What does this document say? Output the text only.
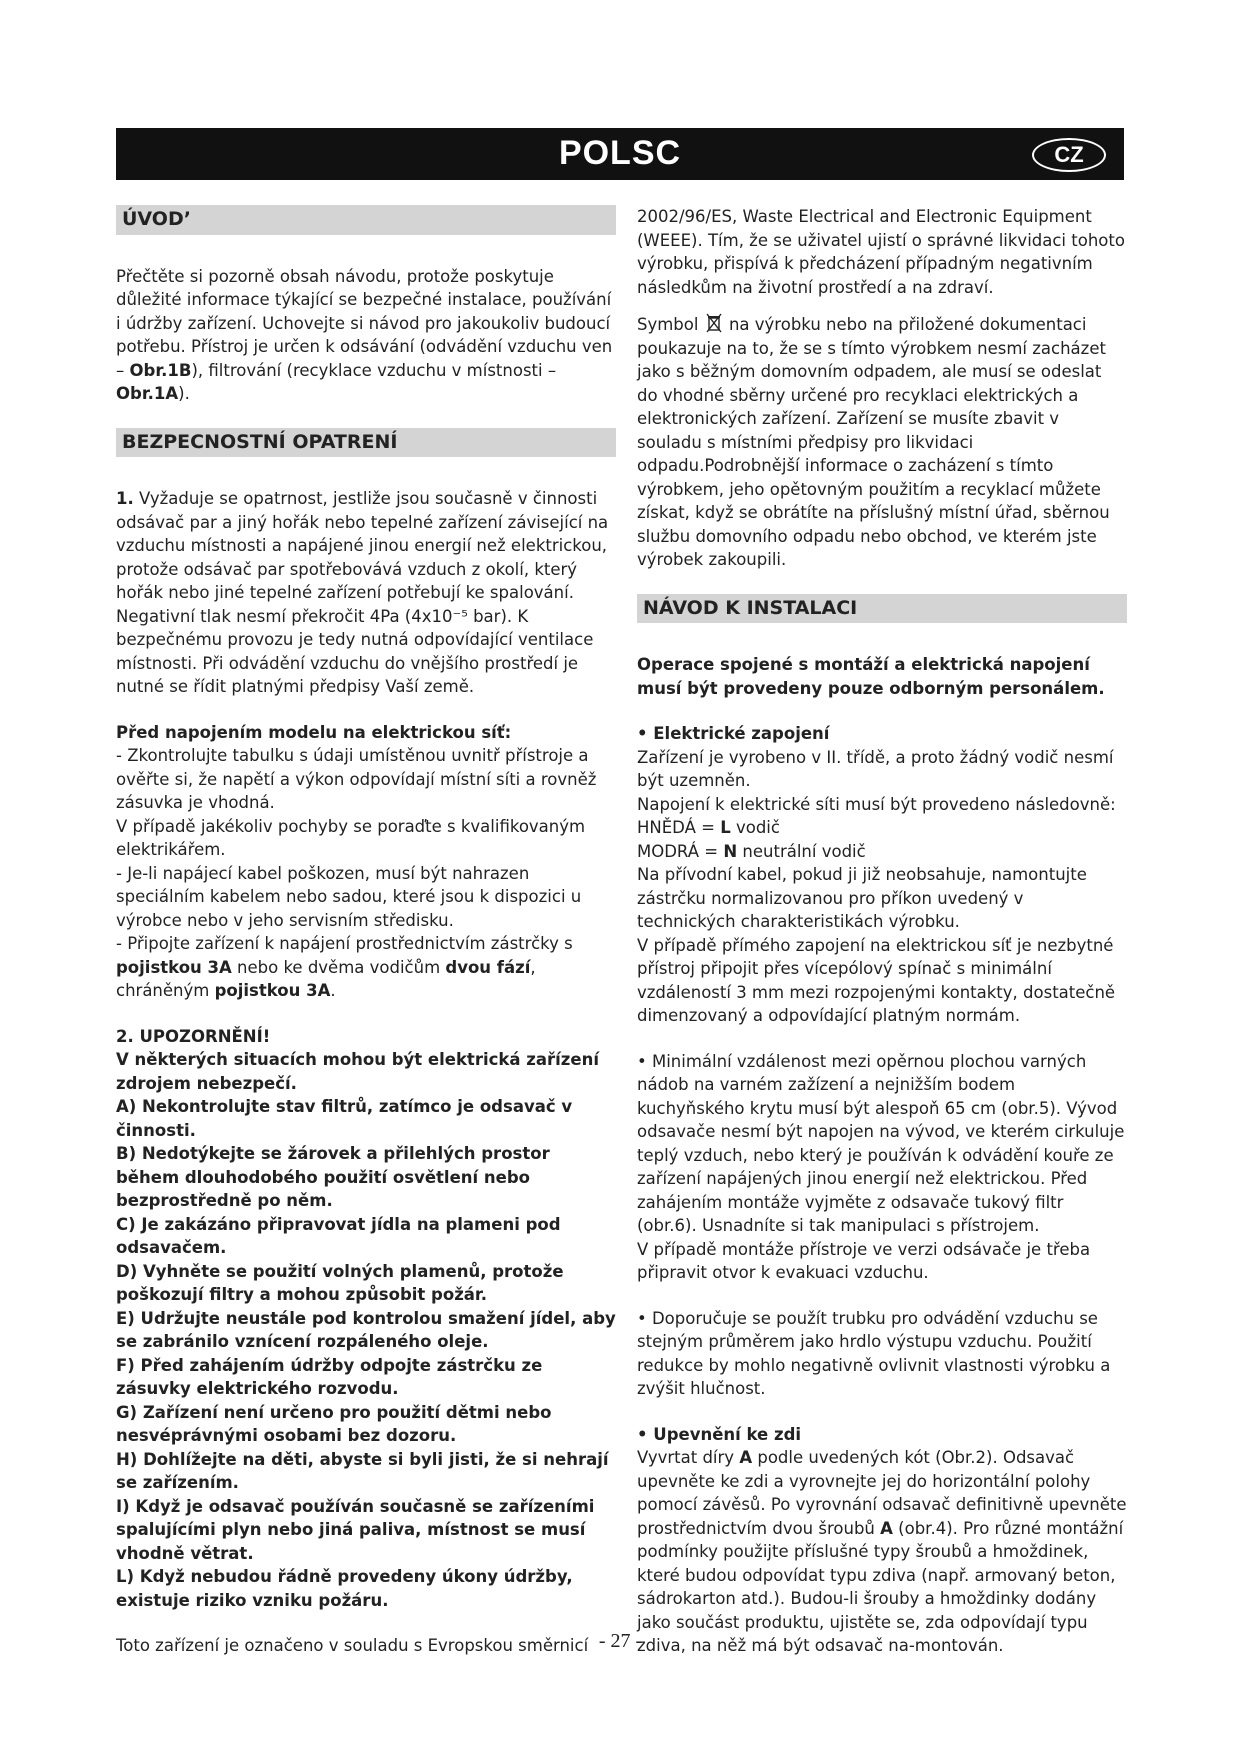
POLSC	CZ
ÚVOD’

Přečtěte si pozorně obsah návodu, protože poskytuje důležité informace týkající se bezpečné instalace, používání i údržby zařízení. Uchovejte si návod pro jakoukoliv budoucí potřebu. Přístroj je určen k odsávání (odvádění vzduchu ven – Obr.1B), filtrování (recyklace vzduchu v místnosti – Obr.1A).

BEZPECNOSTNÍ OPATRENÍ

1. Vyžaduje se opatrnost, jestliže jsou současně v činnosti odsávač par a jiný hořák nebo tepelné zařízení závisející na vzduchu místnosti a napájené jinou energií než elektrickou, protože odsávač par spotřebovává vzduch z okolí, který hořák nebo jiné tepelné zařízení potřebují ke spalování. Negativní tlak nesmí překročit 4Pa (4x10⁻⁵ bar). K bezpečnému provozu je tedy nutná odpovídající ventilace místnosti. Při odvádění vzduchu do vnějšího prostředí je nutné se řídit platnými předpisy Vaší země.

Před napojením modelu na elektrickou síť:

- Zkontrolujte tabulku s údaji umístěnou uvnitř přístroje a ověřte si, že napětí a výkon odpovídají místní síti a rovněž zásuvka je vhodná.

V případě jakékoliv pochyby se poraďte s kvalifikovaným elektrikářem.

- Je-li napájecí kabel poškozen, musí být nahrazen speciálním kabelem nebo sadou, které jsou k dispozici u výrobce nebo v jeho servisním středisku.

- Připojte zařízení k napájení prostřednictvím zástrčky s pojistkou 3A nebo ke dvěma vodičům dvou fází, chráněným pojistkou 3A.

2. UPOZORNĚNÍ!

V některých situacích mohou být elektrická zařízení zdrojem nebezpečí.

A) Nekontrolujte stav filtrů, zatímco je odsavač v činnosti.

B) Nedotýkejte se žárovek a přilehlých prostor během dlouhodobého použití osvětlení nebo bezprostředně po něm.

C) Je zakázáno připravovat jídla na plameni pod odsavačem.

D) Vyhněte se použití volných plamenů, protože poškozují filtry a mohou způsobit požár.

E) Udržujte neustále pod kontrolou smažení jídel, aby se zabránilo vznícení rozpáleného oleje.

F) Před zahájením údržby odpojte zástrčku ze zásuvky elektrického rozvodu.

G) Zařízení není určeno pro použití dětmi nebo nesvéprávnými osobami bez dozoru.

H) Dohlížejte na děti, abyste si byli jisti, že si nehrají se zařízením.

I) Když je odsavač používán současně se zařízeními spalujícími plyn nebo jiná paliva, místnost se musí vhodně větrat.

L) Když nebudou řádně provedeny úkony údržby, existuje riziko vzniku požáru.

Toto zařízení je označeno v souladu s Evropskou směrnicí

2002/96/ES, Waste Electrical and Electronic Equipment (WEEE). Tím, že se uživatel ujistí o správné likvidaci tohoto výrobku, přispívá k předcházení případným negativním následkům na životní prostředí a na zdraví.

Symbol na výrobku nebo na přiložené dokumentaci poukazuje na to, že se s tímto výrobkem nesmí zacházet jako s běžným domovním odpadem, ale musí se odeslat do vhodné sběrny určené pro recyklaci elektrických a elektronických zařízení. Zařízení se musíte zbavit v souladu s místními předpisy pro likvidaci odpadu.Podrobnější informace o zacházení s tímto výrobkem, jeho opětovným použitím a recyklací můžete získat, když se obrátíte na příslušný místní úřad, sběrnou službu domovního odpadu nebo obchod, ve kterém jste výrobek zakoupili.

NÁVOD K INSTALACI

Operace spojené s montáží a elektrická napojení musí být provedeny pouze odborným personálem.

• Elektrické zapojení

Zařízení je vyrobeno v II. třídě, a proto žádný vodič nesmí být uzemněn.

Napojení k elektrické síti musí být provedeno následovně:

HNĚDÁ = L vodič

MODRÁ = N neutrální vodič

Na přívodní kabel, pokud ji již neobsahuje, namontujte zástrčku normalizovanou pro příkon uvedený v technických charakteristikách výrobku.

V případě přímého zapojení na elektrickou síť je nezbytné přístroj připojit přes vícepólový spínač s minimální vzdáleností 3 mm mezi rozpojenými kontakty, dostatečně dimenzovaný a odpovídající platným normám.

• Minimální vzdálenost mezi opěrnou plochou varných nádob na varném zažízení a nejnižším bodem kuchyňského krytu musí být alespoň 65 cm (obr.5). Vývod odsavače nesmí být napojen na vývod, ve kterém cirkuluje teplý vzduch, nebo který je používán k odvádění kouře ze zařízení napájených jinou energií než elektrickou. Před zahájením montáže vyjměte z odsavače tukový filtr (obr.6). Usnadníte si tak manipulaci s přístrojem.

V případě montáže přístroje ve verzi odsávače je třeba připravit otvor k evakuaci vzduchu.

• Doporučuje se použít trubku pro odvádění vzduchu se stejným průměrem jako hrdlo výstupu vzduchu. Použití redukce by mohlo negativně ovlivnit vlastnosti výrobku a zvýšit hlučnost.

• Upevnění ke zdi

Vyvrtat díry A podle uvedených kót (Obr.2). Odsavač upevněte ke zdi a vyrovnejte jej do horizontální polohy pomocí závěsů. Po vyrovnání odsavač definitivně upevněte prostřednictvím dvou šroubů A (obr.4). Pro různé montážní podmínky použijte příslušné typy šroubů a hmoždinek, které budou odpovídat typu zdiva (např. armovaný beton, sádrokarton atd.). Budou-li šrouby a hmoždinky dodány jako součást produktu, ujistěte se, zda odpovídají typu zdiva, na něž má být odsavač na-montován.

- 27 -
